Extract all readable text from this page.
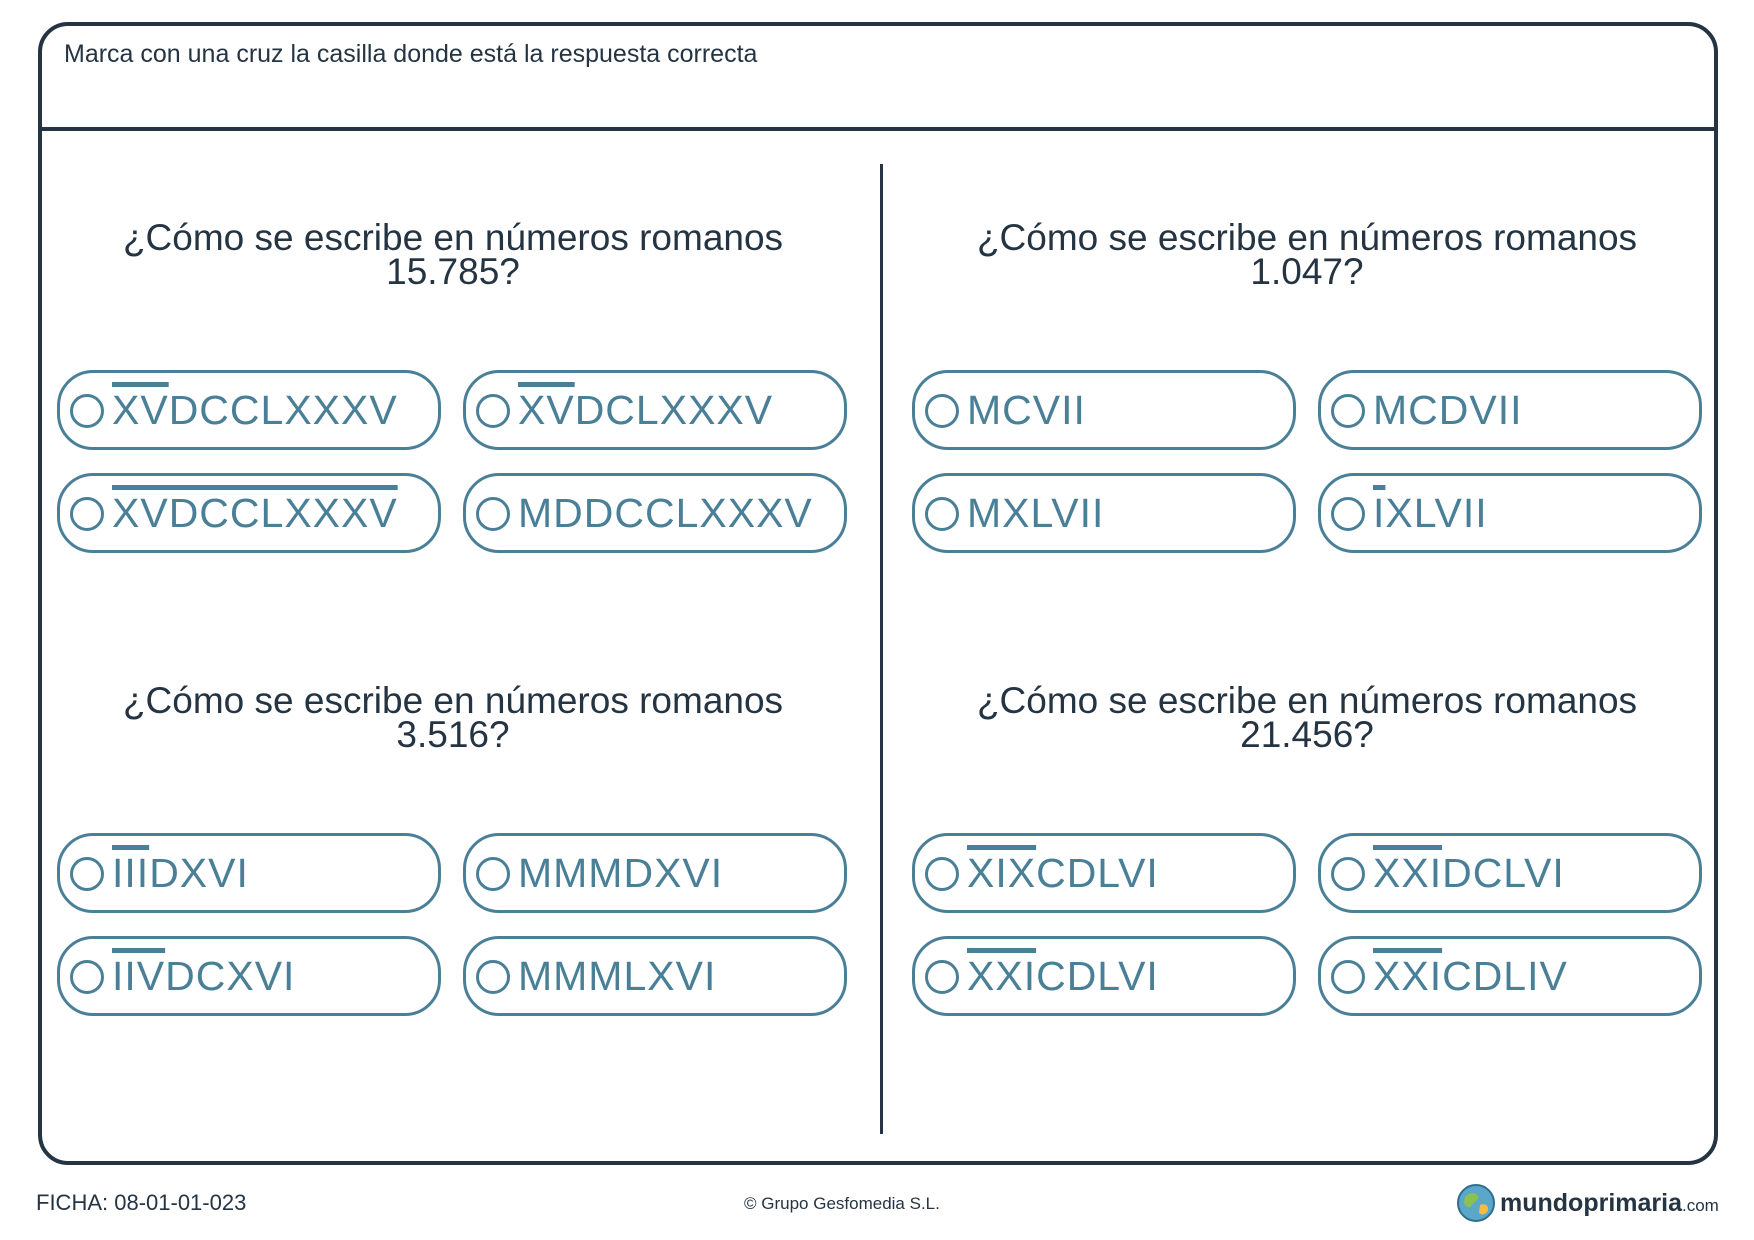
Marca con una cruz la casilla donde está la respuesta correcta
¿Cómo se escribe en números romanos
15.785?
$\overline{XV}DCCLXXXV$	$\overline{XV}DCLXXXV$
XVDCCLXXXV	MDDCCLXXXV
¿Cómo se escribe en números romanos
1.047?
MCVII	MCDVII
MXLVII	$\overline{I}XLVII$
¿Cómo se escribe en números romanos
3.516?
$\overline{III}DXVI$	MMMDXVI
$\overline{IIV}DCXVI$	MMMLXVI
¿Cómo se escribe en números romanos
21.456?
$\overline{XIX}CDLVI$	$\overline{XXI}DCLVI$
$\overline{XXI}CDLVI$	$\overline{XXI}CDLIV$
FICHA: 08-01-01-023	© Grupo Gesfomedia S.L.	mundoprimaria.com
